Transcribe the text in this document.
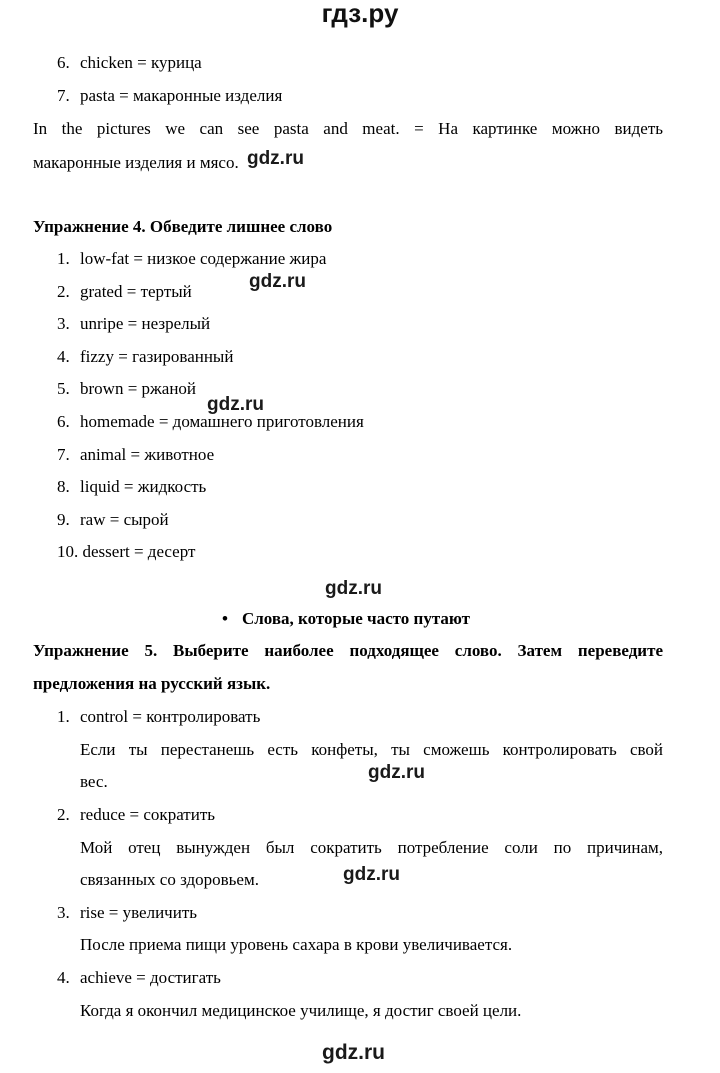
гдз.ру
6. chicken = курица
7. pasta = макаронные изделия
In the pictures we can see pasta and meat. = На картинке можно видеть
макаронные изделия и мясо. gdz.ru
Упражнение 4. Обведите лишнее слово
1. low-fat = низкое содержание жира
2. grated = тертый	gdz.ru
3. unripe = незрелый
4. fizzy = газированный
5. brown = ржаной
gdz.ru
6. homemade = домашнего приготовления
7. animal = животное
8. liquid = жидкость
9. raw = сырой
10. dessert = десерт
gdz.ru
• Слова, которые часто путают
Упражнение 5. Выберите наиболее подходящее слово. Затем переведите
предложения на русский язык.
1. control = контролировать
Если ты перестанешь есть конфеты, ты сможешь контролировать свой
вес.	gdz.ru
2. reduce = сократить
Мой отец вынужден был сократить потребление соли по причинам,
связанных со здоровьем.	gdz.ru
3. rise = увеличить
После приема пищи уровень сахара в крови увеличивается.
4. achieve = достигать
Когда я окончил медицинское училище, я достиг своей цели.
gdz.ru
